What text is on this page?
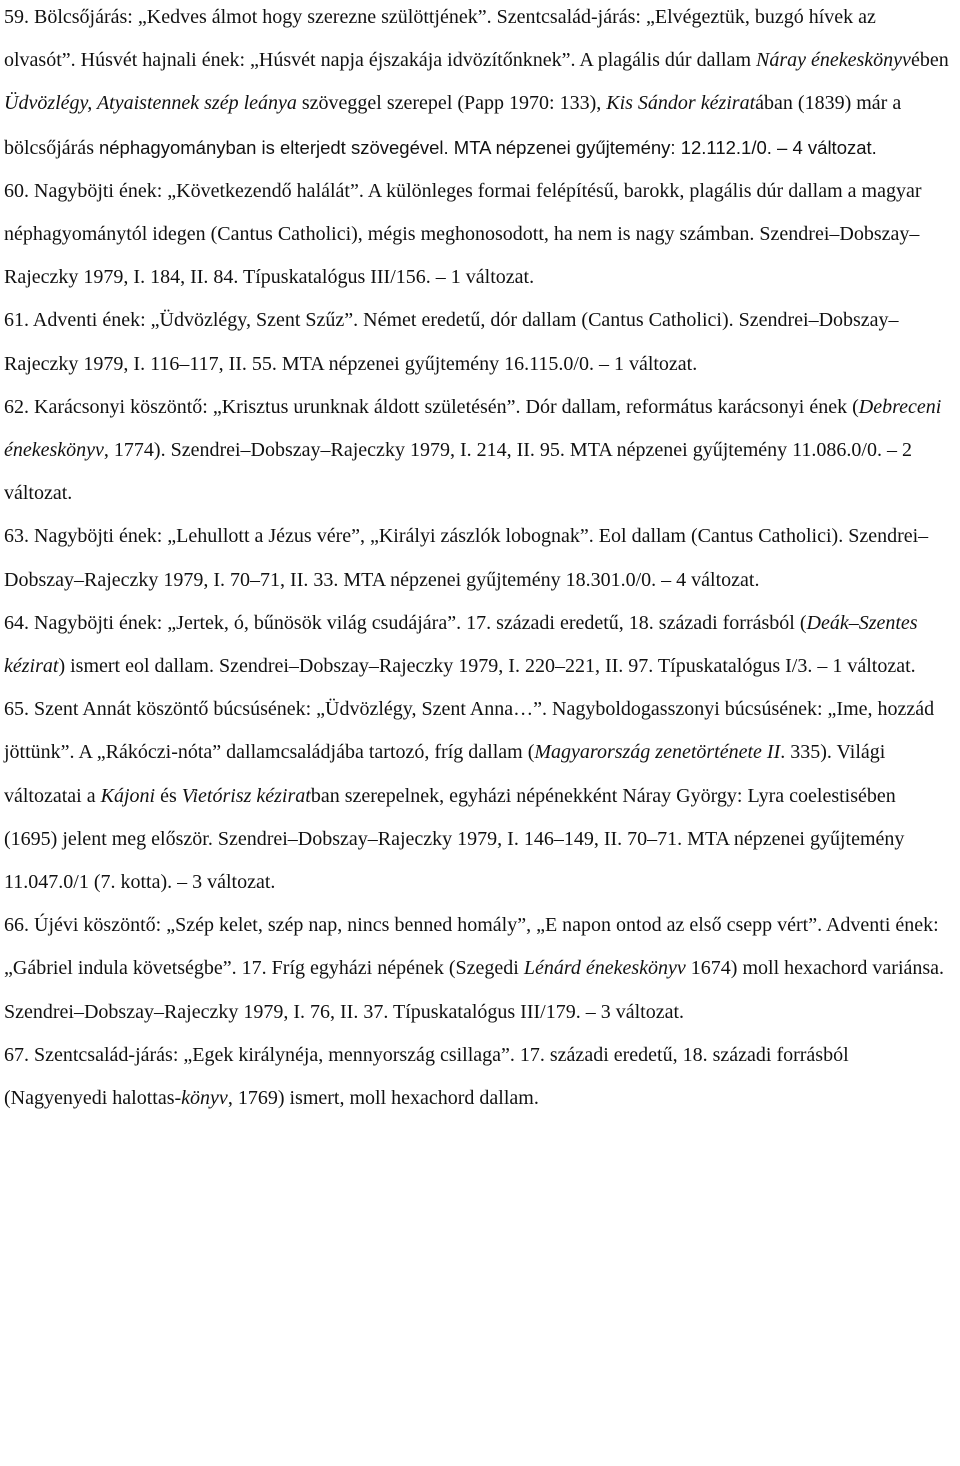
59. Bölcsőjárás: „Kedves álmot hogy szerezne szülöttjének”. Szentcsalád-járás: „Elvégeztük, buzgó hívek az olvasót”. Húsvét hajnali ének: „Húsvét napja éjszakája idvözítőnknek”. A plagális dúr dallam Náray énekeskönyvében Üdvözlégy, Atyaistennek szép leánya szöveggel szerepel (Papp 1970: 133), Kis Sándor kéziratában (1839) már a bölcsőjárás néphagyományban is elterjedt szövegével. MTA népzenei gyűjtemény: 12.112.1/0. – 4 változat.

60. Nagyböjti ének: „Következendő halálát”. A különleges formai felépítésű, barokk, plagális dúr dallam a magyar néphagyománytól idegen (Cantus Catholici), mégis meghonosodott, ha nem is nagy számban. Szendrei–Dobszay–Rajeczky 1979, I. 184, II. 84. Típuskatalógus III/156. – 1 változat.

61. Adventi ének: „Üdvözlégy, Szent Szűz”. Német eredetű, dór dallam (Cantus Catholici). Szendrei–Dobszay–Rajeczky 1979, I. 116–117, II. 55. MTA népzenei gyűjtemény 16.115.0/0. – 1 változat.

62. Karácsonyi köszöntő: „Krisztus urunknak áldott születésén”. Dór dallam, református karácsonyi ének (Debreceni énekeskönyv, 1774). Szendrei–Dobszay–Rajeczky 1979, I. 214, II. 95. MTA népzenei gyűjtemény 11.086.0/0. – 2 változat.

63. Nagyböjti ének: „Lehullott a Jézus vére”, „Királyi zászlók lobognak”. Eol dallam (Cantus Catholici). Szendrei–Dobszay–Rajeczky 1979, I. 70–71, II. 33. MTA népzenei gyűjtemény 18.301.0/0. – 4 változat.

64. Nagyböjti ének: „Jertek, ó, bűnösök világ csudájára”. 17. századi eredetű, 18. századi forrásból (Deák–Szentes kézirat) ismert eol dallam. Szendrei–Dobszay–Rajeczky 1979, I. 220–221, II. 97. Típuskatalógus I/3. – 1 változat.

65. Szent Annát köszöntő búcsúsének: „Üdvözlégy, Szent Anna…”. Nagyboldogasszonyi búcsúsének: „Ime, hozzád jöttünk”. A „Rákóczi-nóta” dallamcsaládjába tartozó, fríg dallam (Magyarország zenetörténete II. 335). Világi változatai a Kájoni és Vietórisz kéziratban szerepelnek, egyházi népénekként Náray György: Lyra coelestisében (1695) jelent meg először. Szendrei–Dobszay–Rajeczky 1979, I. 146–149, II. 70–71. MTA népzenei gyűjtemény 11.047.0/1 (7. kotta). – 3 változat.

66. Újévi köszöntő: „Szép kelet, szép nap, nincs benned homály”, „E napon ontod az első csepp vért”. Adventi ének: „Gábriel indula követségbe”. 17. Fríg egyházi népének (Szegedi Lénárd énekeskönyv 1674) moll hexachord variánsa. Szendrei–Dobszay–Rajeczky 1979, I. 76, II. 37. Típuskatalógus III/179. – 3 változat.

67. Szentcsalád-járás: „Egek királynéja, mennyország csillaga”. 17. századi eredetű, 18. századi forrásból (Nagyenyedi halottas-könyv, 1769) ismert, moll hexachord dallam.
